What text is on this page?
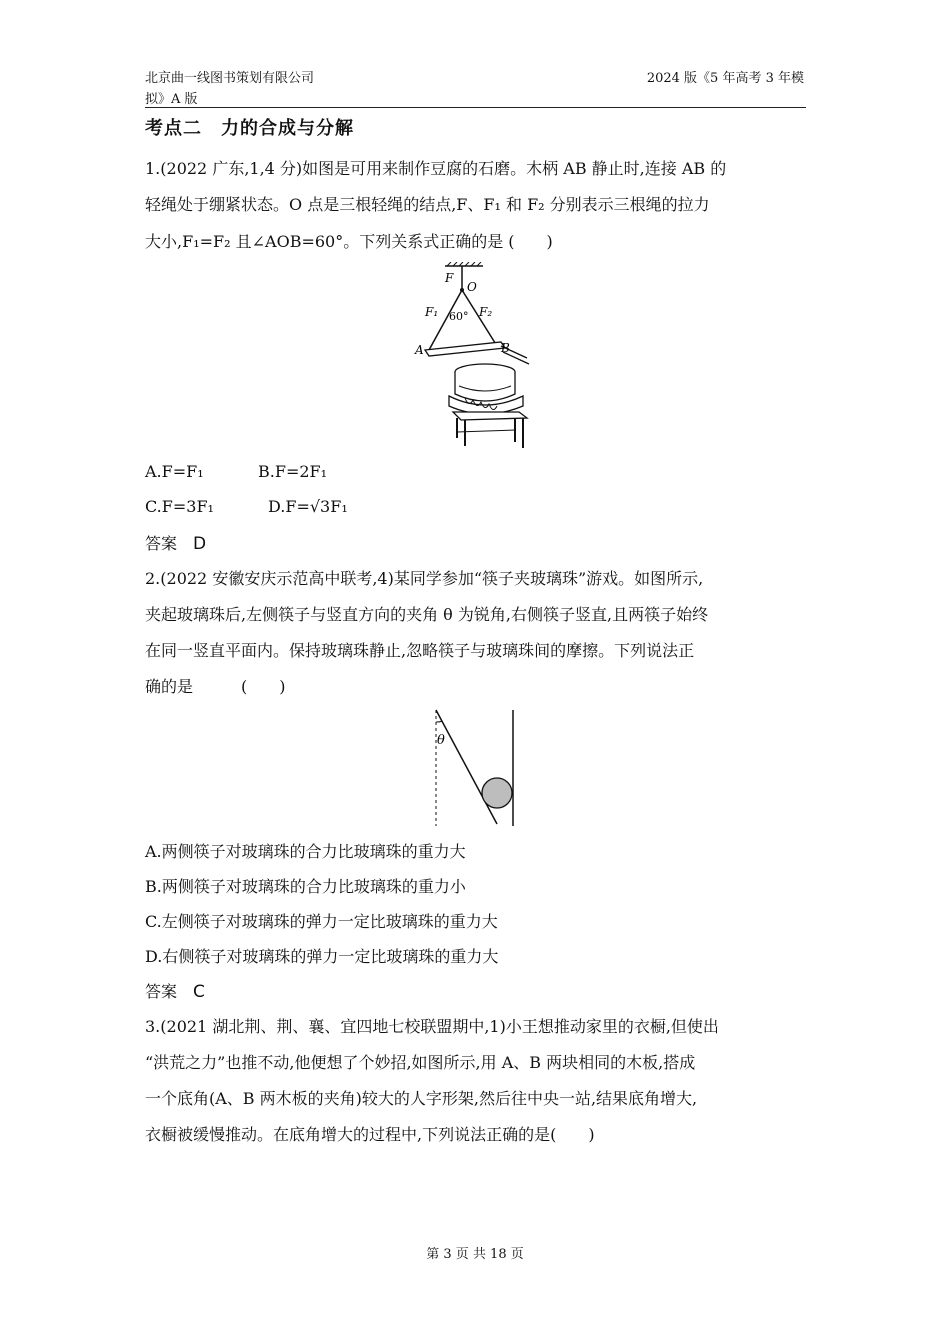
北京曲一线图书策划有限公司
拟》A 版
2024 版《5 年高考 3 年模
考点二　力的合成与分解
1.(2022 广东,1,4 分)如图是可用来制作豆腐的石磨。木柄 AB 静止时,连接 AB 的
轻绳处于绷紧状态。O 点是三根轻绳的结点,F、F₁ 和 F₂ 分别表示三根绳的拉力
大小,F₁=F₂ 且∠AOB=60°。下列关系式正确的是 (　　)
F
O
F₁	F₂
60°
A	B
A.F=F₁	B.F=2F₁
C.F=3F₁	D.F=√3F₁
答案 D
2.(2022 安徽安庆示范高中联考,4)某同学参加“筷子夹玻璃珠”游戏。如图所示,
夹起玻璃珠后,左侧筷子与竖直方向的夹角 θ 为锐角,右侧筷子竖直,且两筷子始终
在同一竖直平面内。保持玻璃珠静止,忽略筷子与玻璃珠间的摩擦。下列说法正
确的是　　　(　　)
θ
A.两侧筷子对玻璃珠的合力比玻璃珠的重力大
B.两侧筷子对玻璃珠的合力比玻璃珠的重力小
C.左侧筷子对玻璃珠的弹力一定比玻璃珠的重力大
D.右侧筷子对玻璃珠的弹力一定比玻璃珠的重力大
答案 C
3.(2021 湖北荆、荆、襄、宜四地七校联盟期中,1)小王想推动家里的衣橱,但使出
“洪荒之力”也推不动,他便想了个妙招,如图所示,用 A、B 两块相同的木板,搭成
一个底角(A、B 两木板的夹角)较大的人字形架,然后往中央一站,结果底角增大,
衣橱被缓慢推动。在底角增大的过程中,下列说法正确的是(　　)
第 3 页 共 18 页
